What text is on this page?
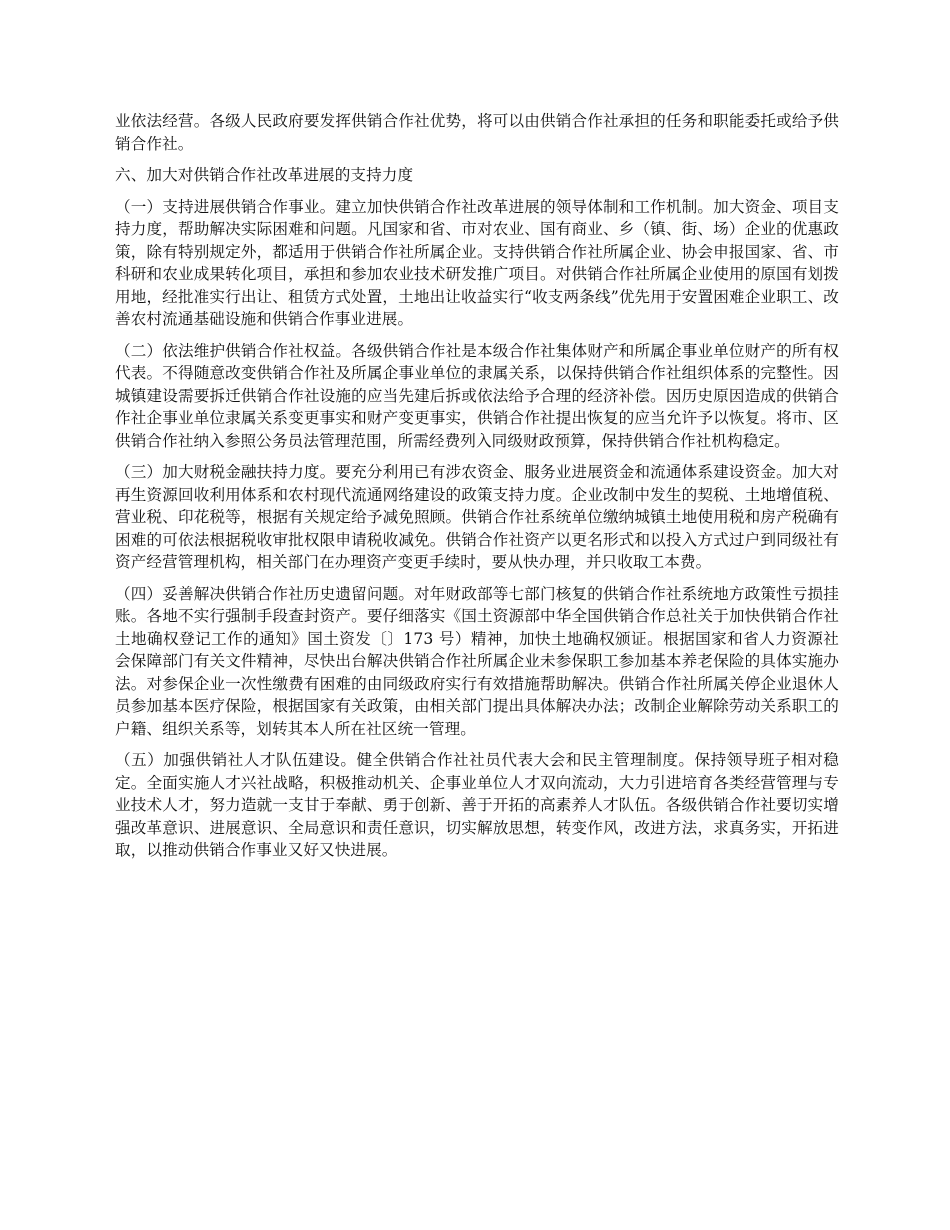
业依法经营。各级人民政府要发挥供销合作社优势，将可以由供销合作社承担的任务和职能委托或给予供销合作社。

六、加大对供销合作社改革进展的支持力度

（一）支持进展供销合作事业。建立加快供销合作社改革进展的领导体制和工作机制。加大资金、项目支持力度，帮助解决实际困难和问题。凡国家和省、市对农业、国有商业、乡（镇、街、场）企业的优惠政策，除有特别规定外，都适用于供销合作社所属企业。支持供销合作社所属企业、协会申报国家、省、市科研和农业成果转化项目，承担和参加农业技术研发推广项目。对供销合作社所属企业使用的原国有划拨用地，经批准实行出让、租赁方式处置，土地出让收益实行“收支两条线”优先用于安置困难企业职工、改善农村流通基础设施和供销合作事业进展。

（二）依法维护供销合作社权益。各级供销合作社是本级合作社集体财产和所属企事业单位财产的所有权代表。不得随意改变供销合作社及所属企事业单位的隶属关系，以保持供销合作社组织体系的完整性。因城镇建设需要拆迁供销合作社设施的应当先建后拆或依法给予合理的经济补偿。因历史原因造成的供销合作社企事业单位隶属关系变更事实和财产变更事实，供销合作社提出恢复的应当允许予以恢复。将市、区供销合作社纳入参照公务员法管理范围，所需经费列入同级财政预算，保持供销合作社机构稳定。

（三）加大财税金融扶持力度。要充分利用已有涉农资金、服务业进展资金和流通体系建设资金。加大对再生资源回收利用体系和农村现代流通网络建设的政策支持力度。企业改制中发生的契税、土地增值税、营业税、印花税等，根据有关规定给予减免照顾。供销合作社系统单位缴纳城镇土地使用税和房产税确有困难的可依法根据税收审批权限申请税收减免。供销合作社资产以更名形式和以投入方式过户到同级社有资产经营管理机构，相关部门在办理资产变更手续时，要从快办理，并只收取工本费。

（四）妥善解决供销合作社历史遗留问题。对年财政部等七部门核复的供销合作社系统地方政策性亏损挂账。各地不实行强制手段查封资产。要仔细落实《国土资源部中华全国供销合作总社关于加快供销合作社土地确权登记工作的通知》国土资发〔〕173 号）精神，加快土地确权颁证。根据国家和省人力资源社会保障部门有关文件精神，尽快出台解决供销合作社所属企业未参保职工参加基本养老保险的具体实施办法。对参保企业一次性缴费有困难的由同级政府实行有效措施帮助解决。供销合作社所属关停企业退休人员参加基本医疗保险，根据国家有关政策，由相关部门提出具体解决办法；改制企业解除劳动关系职工的户籍、组织关系等，划转其本人所在社区统一管理。

（五）加强供销社人才队伍建设。健全供销合作社社员代表大会和民主管理制度。保持领导班子相对稳定。全面实施人才兴社战略，积极推动机关、企事业单位人才双向流动，大力引进培育各类经营管理与专业技术人才，努力造就一支甘于奉献、勇于创新、善于开拓的高素养人才队伍。各级供销合作社要切实增强改革意识、进展意识、全局意识和责任意识，切实解放思想，转变作风，改进方法，求真务实，开拓进取，以推动供销合作事业又好又快进展。
